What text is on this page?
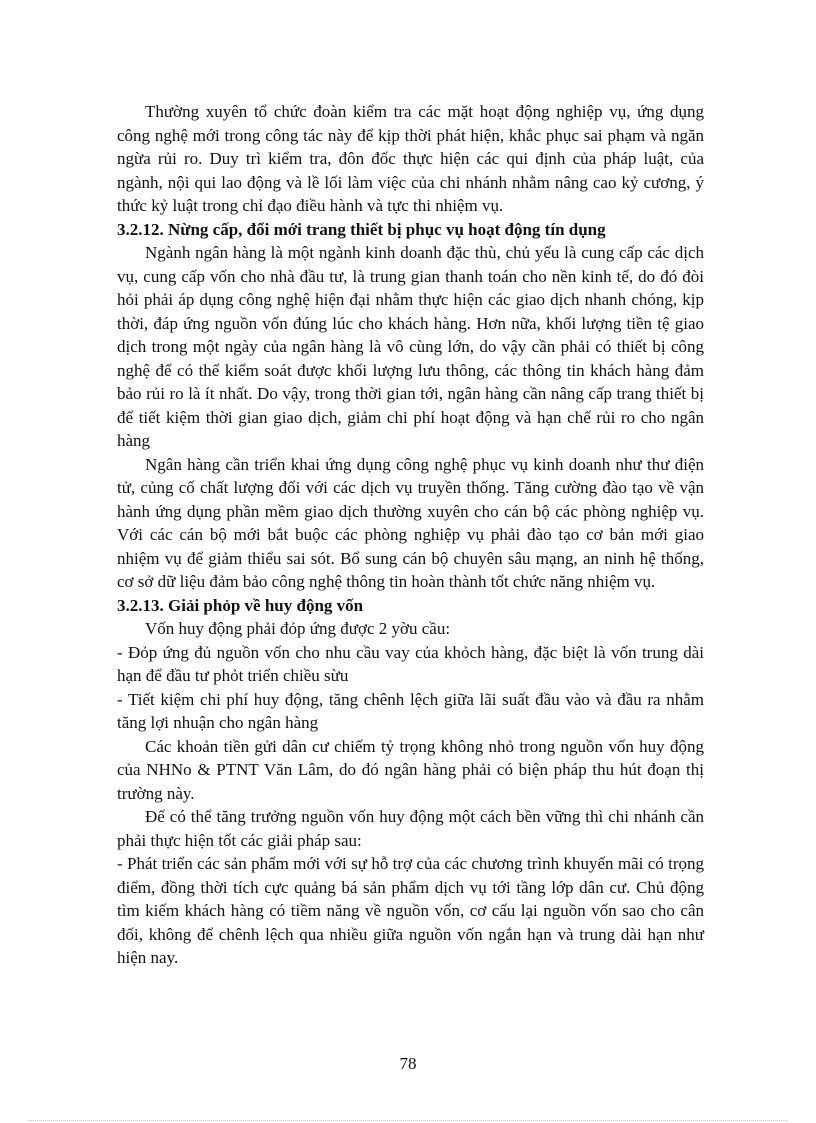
Thường xuyên tổ chức đoàn kiểm tra các mặt hoạt động nghiệp vụ, ứng dụng công nghệ mới trong công tác này để kịp thời phát hiện, khắc phục sai phạm và ngăn ngừa rủi ro. Duy trì kiểm tra, đôn đốc thực hiện các qui định của pháp luật, của ngành, nội qui lao động và lề lối làm việc của chi nhánh nhằm nâng cao kỷ cương, ý thức kỷ luật trong chỉ đạo điều hành và tực thi nhiệm vụ.

3.2.12. Nừng cấp, đổi mới trang thiết bị phục vụ hoạt động tín dụng

Ngành ngân hàng là một ngành kinh doanh đặc thù, chủ yếu là cung cấp các dịch vụ, cung cấp vốn cho nhà đầu tư, là trung gian thanh toán cho nền kinh tế, do đó đòi hỏi phải áp dụng công nghệ hiện đại nhằm thực hiện các giao dịch nhanh chóng, kịp thời, đáp ứng nguồn vốn đúng lúc cho khách hàng. Hơn nữa, khối lượng tiền tệ giao dịch trong một ngày của ngân hàng là vô cùng lớn, do vậy cần phải có thiết bị công nghệ để có thể kiểm soát được khối lượng lưu thông, các thông tin khách hàng đảm bảo rủi ro là ít nhất. Do vậy, trong thời gian tới, ngân hàng cần nâng cấp trang thiết bị để tiết kiệm thời gian giao dịch, giảm chi phí hoạt động và hạn chế rủi ro cho ngân hàng

Ngân hàng cần triển khai ứng dụng công nghệ phục vụ kinh doanh như thư điện tử, củng cố chất lượng đối với các dịch vụ truyền thống. Tăng cường đào tạo về vận hành ứng dụng phần mềm giao dịch thường xuyên cho cán bộ các phòng nghiệp vụ. Với các cán bộ mới bắt buộc các phòng nghiệp vụ phải đào tạo cơ bản mới giao nhiệm vụ để giảm thiểu sai sót. Bổ sung cán bộ chuyên sâu mạng, an ninh hệ thống, cơ sở dữ liệu đảm bảo công nghệ thông tin hoàn thành tốt chức năng nhiệm vụ.

3.2.13. Giải phỏp về huy động vốn

Vốn huy động phải đỏp ứng được 2 yờu cầu:

- Đỏp ứng đủ nguồn vốn cho nhu cầu vay của khỏch hàng, đặc biệt là vốn trung dài hạn để đầu tư phỏt triển chiều sừu

- Tiết kiệm chi phí huy động, tăng chênh lệch giữa lãi suất đầu vào và đầu ra nhằm tăng lợi nhuận cho ngân hàng

Các khoản tiền gửi dân cư chiếm tỷ trọng không nhỏ trong nguồn vốn huy động của NHNo & PTNT Văn Lâm, do đó ngân hàng phải có biện pháp thu hút đoạn thị trường này.

Để có thể tăng trưởng nguồn vốn huy động một cách bền vững thì chi nhánh cần phải thực hiện tốt các giải pháp sau:

- Phát triển các sản phẩm mới với sự hỗ trợ của các chương trình khuyến mãi có trọng điểm, đồng thời tích cực quảng bá sản phẩm dịch vụ tới tầng lớp dân cư. Chủ động tìm kiếm khách hàng có tiềm năng về nguồn vốn, cơ cấu lại nguồn vốn sao cho cân đối, không để chênh lệch qua nhiều giữa nguồn vốn ngắn hạn và trung dài hạn như hiện nay.

78
